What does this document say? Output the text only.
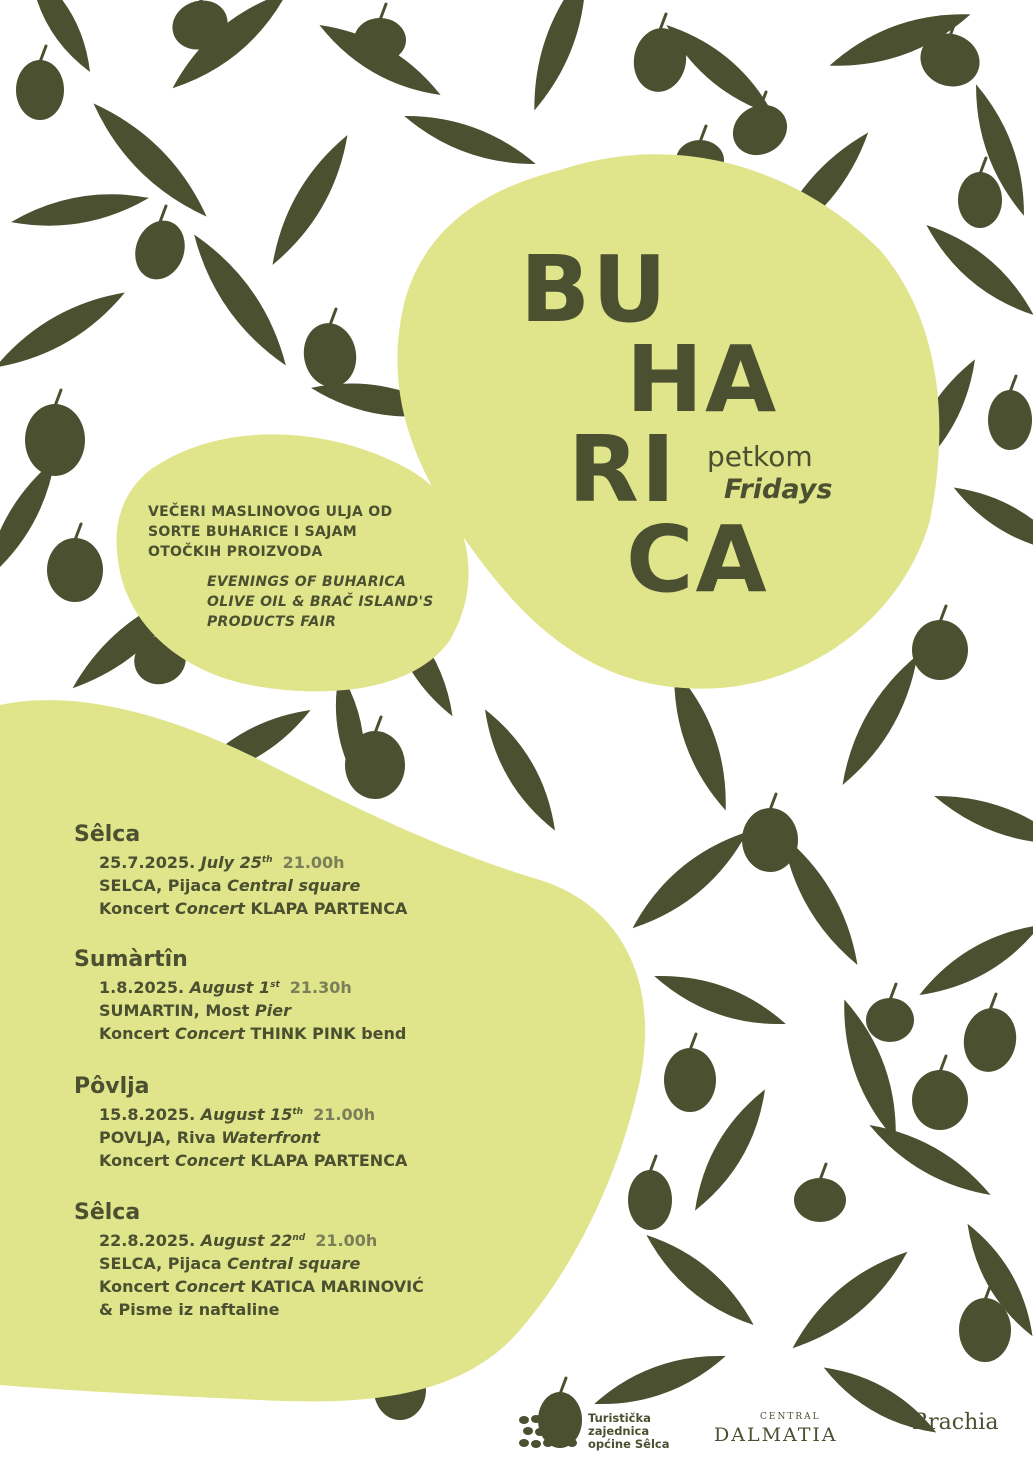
BU
HA
RI
CA
petkom
Fridays
VEČERI MASLINOVOG ULJA OD
SORTE BUHARICE I SAJAM
OTOČKIH PROIZVODA
EVENINGS OF BUHARICA
OLIVE OIL & BRAČ ISLAND'S
PRODUCTS FAIR
Sêlca
25.7.2025. July 25th 21.00h
SELCA, Pijaca Central square
Koncert Concert KLAPA PARTENCA
Sumàrtîn
1.8.2025. August 1st 21.30h
SUMARTIN, Most Pier
Koncert Concert THINK PINK bend
Pôvlja
15.8.2025. August 15th 21.00h
POVLJA, Riva Waterfront
Koncert Concert KLAPA PARTENCA
Sêlca
22.8.2025. August 22nd 21.00h
SELCA, Pijaca Central square
Koncert Concert KATICA MARINOVIĆ
& Pisme iz naftaline
Turistička
zajednica
općine Sêlca
CENTRAL
DALMATIA	Brachia
